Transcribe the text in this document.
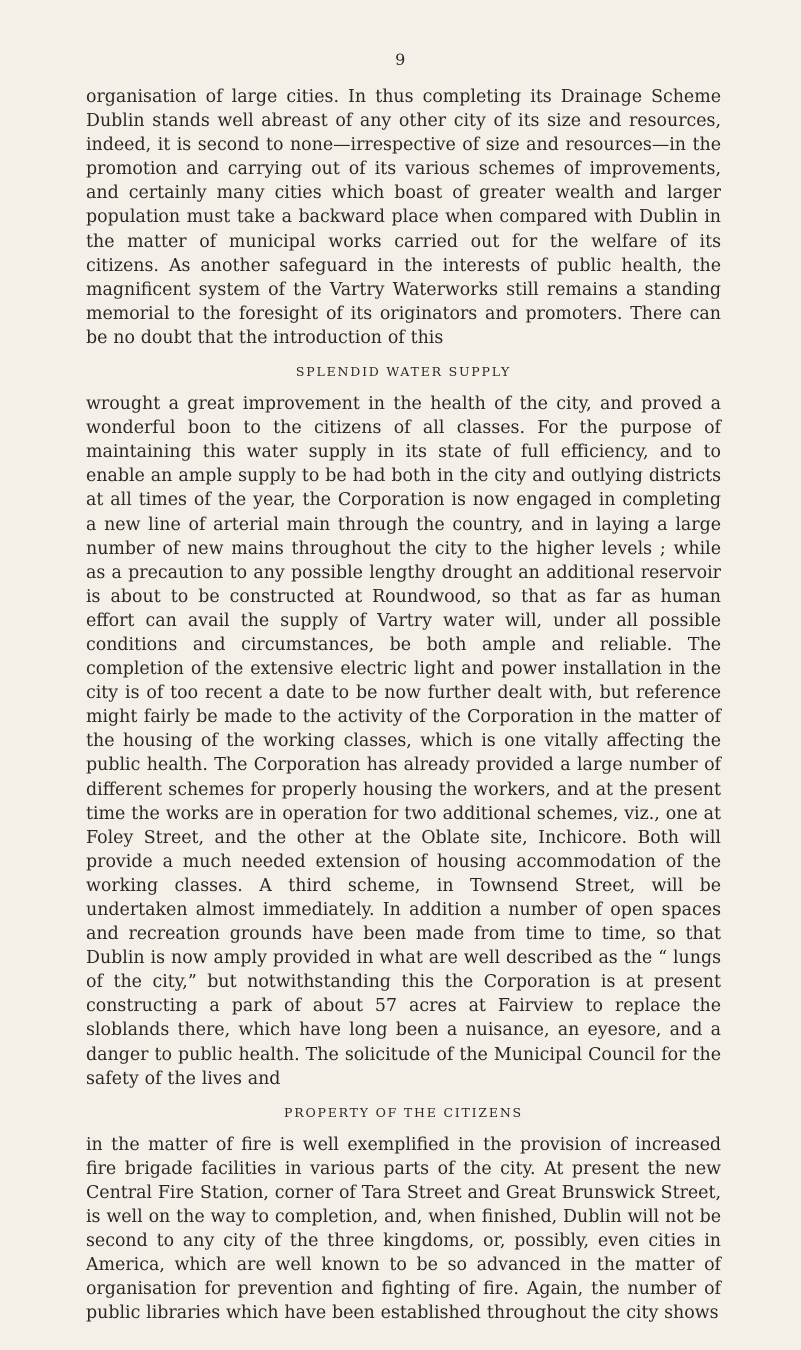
9

organisation of large cities. In thus completing its Drainage Scheme Dublin stands well abreast of any other city of its size and resources, indeed, it is second to none—irrespective of size and resources—in the promotion and carrying out of its various schemes of improvements, and certainly many cities which boast of greater wealth and larger population must take a backward place when compared with Dublin in the matter of municipal works carried out for the welfare of its citizens. As another safeguard in the interests of public health, the magnificent system of the Vartry Waterworks still remains a standing memorial to the foresight of its originators and promoters. There can be no doubt that the introduction of this

SPLENDID WATER SUPPLY

wrought a great improvement in the health of the city, and proved a wonderful boon to the citizens of all classes. For the purpose of maintaining this water supply in its state of full efficiency, and to enable an ample supply to be had both in the city and outlying districts at all times of the year, the Corporation is now engaged in completing a new line of arterial main through the country, and in laying a large number of new mains throughout the city to the higher levels ; while as a precaution to any possible lengthy drought an additional reservoir is about to be constructed at Roundwood, so that as far as human effort can avail the supply of Vartry water will, under all possible conditions and circumstances, be both ample and reliable. The completion of the extensive electric light and power installation in the city is of too recent a date to be now further dealt with, but reference might fairly be made to the activity of the Corporation in the matter of the housing of the working classes, which is one vitally affecting the public health. The Corporation has already provided a large number of different schemes for properly housing the workers, and at the present time the works are in operation for two additional schemes, viz., one at Foley Street, and the other at the Oblate site, Inchicore. Both will provide a much needed extension of housing accommodation of the working classes. A third scheme, in Townsend Street, will be undertaken almost immediately. In addition a number of open spaces and recreation grounds have been made from time to time, so that Dublin is now amply provided in what are well described as the “ lungs of the city,” but notwithstanding this the Corporation is at present constructing a park of about 57 acres at Fairview to replace the sloblands there, which have long been a nuisance, an eyesore, and a danger to public health. The solicitude of the Municipal Council for the safety of the lives and

PROPERTY OF THE CITIZENS

in the matter of fire is well exemplified in the provision of increased fire brigade facilities in various parts of the city. At present the new Central Fire Station, corner of Tara Street and Great Brunswick Street, is well on the way to completion, and, when finished, Dublin will not be second to any city of the three kingdoms, or, possibly, even cities in America, which are well known to be so advanced in the matter of organisation for prevention and fighting of fire. Again, the number of public libraries which have been established throughout the city shows
